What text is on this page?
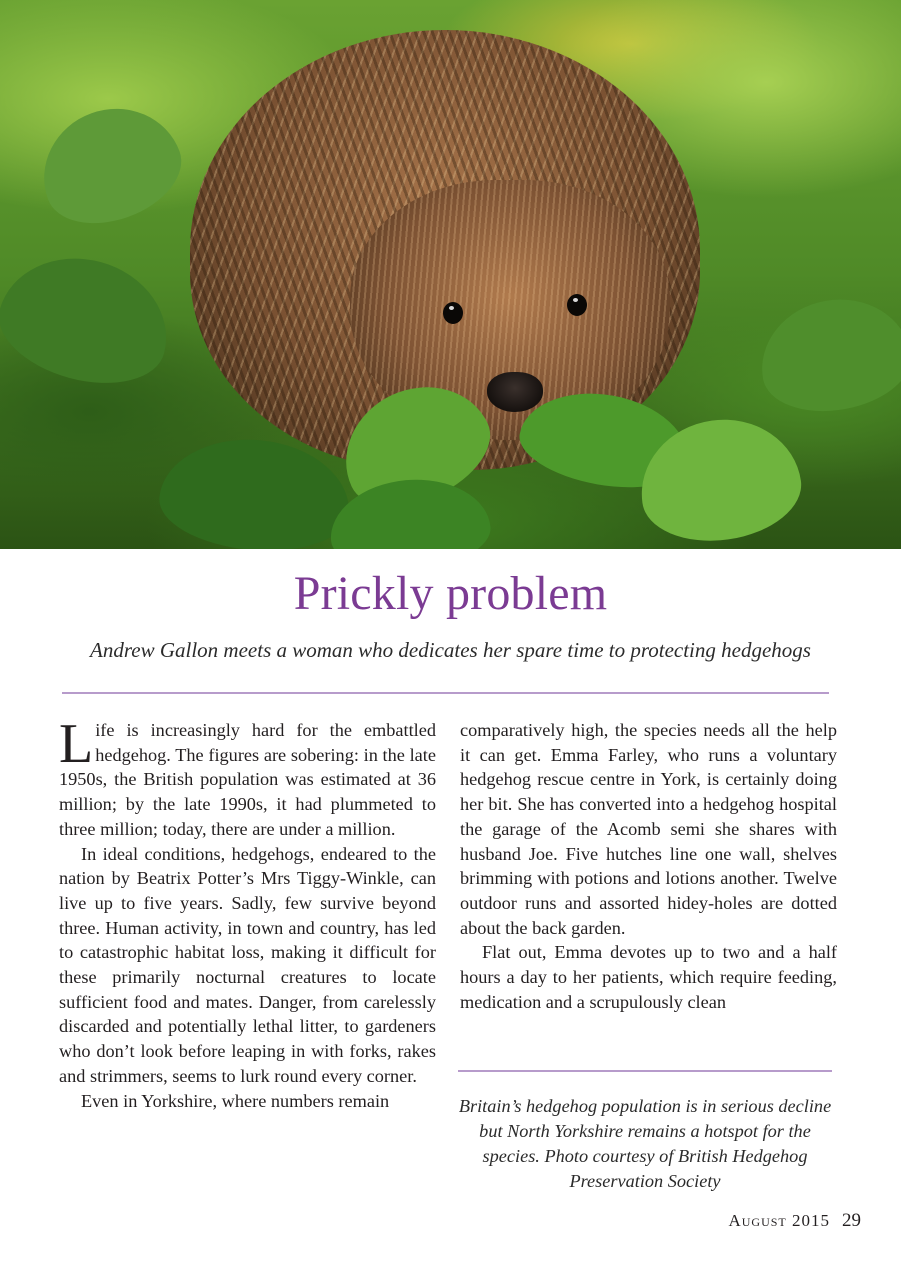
Prickly problem
Andrew Gallon meets a woman who dedicates her spare time to protecting hedgehogs

Life is increasingly hard for the embattled hedgehog. The figures are sobering: in the late 1950s, the British population was estimated at 36 million; by the late 1990s, it had plummeted to three million; today, there are under a million.

In ideal conditions, hedgehogs, endeared to the nation by Beatrix Potter’s Mrs Tiggy-Winkle, can live up to five years. Sadly, few survive beyond three. Human activity, in town and country, has led to catastrophic habitat loss, making it difficult for these primarily nocturnal creatures to locate sufficient food and mates. Danger, from carelessly discarded and potentially lethal litter, to gardeners who don’t look before leaping in with forks, rakes and strimmers, seems to lurk round every corner.

Even in Yorkshire, where numbers remain

comparatively high, the species needs all the help it can get. Emma Farley, who runs a voluntary hedgehog rescue centre in York, is certainly doing her bit. She has converted into a hedgehog hospital the garage of the Acomb semi she shares with husband Joe. Five hutches line one wall, shelves brimming with potions and lotions another. Twelve outdoor runs and assorted hidey-holes are dotted about the back garden.

Flat out, Emma devotes up to two and a half hours a day to her patients, which require feeding, medication and a scrupulously clean

Britain’s hedgehog population is in serious decline but North Yorkshire remains a hotspot for the species. Photo courtesy of British Hedgehog Preservation Society
August 2015 29
